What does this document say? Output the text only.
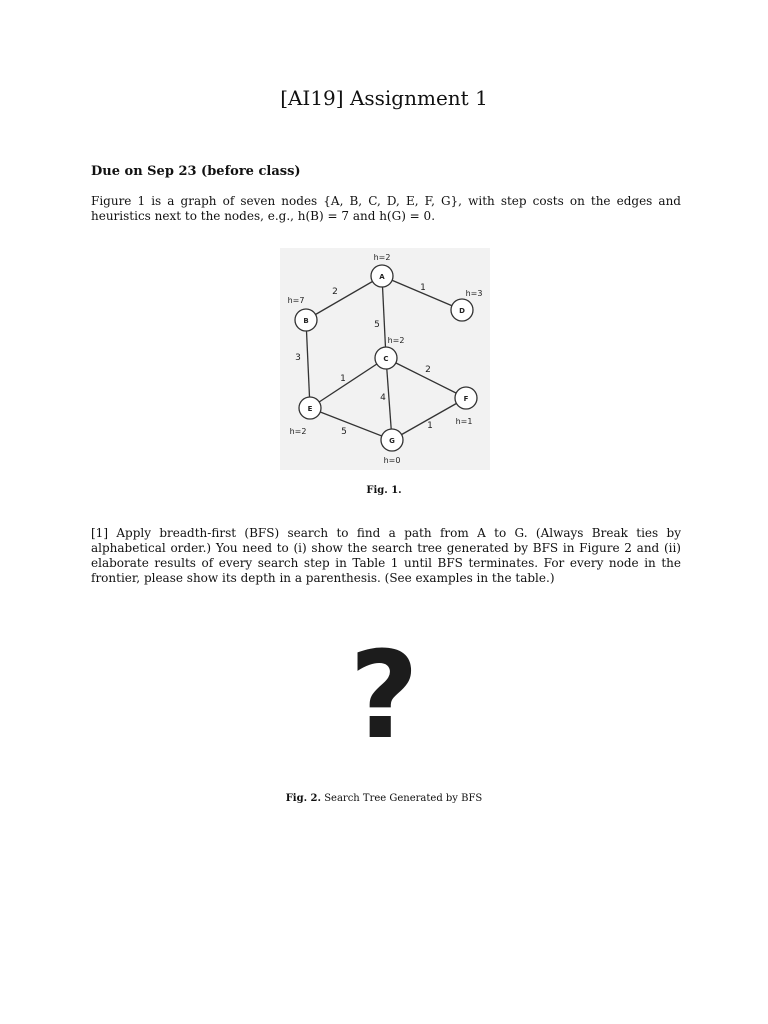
[AI19] Assignment 1
Due on Sep 23 (before class)
Figure 1 is a graph of seven nodes {A, B, C, D, E, F, G}, with step costs on the edges and heuristics next to the nodes, e.g., h(B) = 7 and h(G) = 0.
2	1
5
3
1
2
4
5
1
A
h=2
B
h=7
C
h=2
D
h=3
E
h=2
F
h=1
G
h=0
Fig. 1.
[1] Apply breadth-first (BFS) search to find a path from A to G. (Always Break ties by alphabetical order.) You need to (i) show the search tree generated by BFS in Figure 2 and (ii) elaborate results of every search step in Table 1 until BFS terminates. For every node in the frontier, please show its depth in a parenthesis. (See examples in the table.)
?
Fig. 2. Search Tree Generated by BFS
